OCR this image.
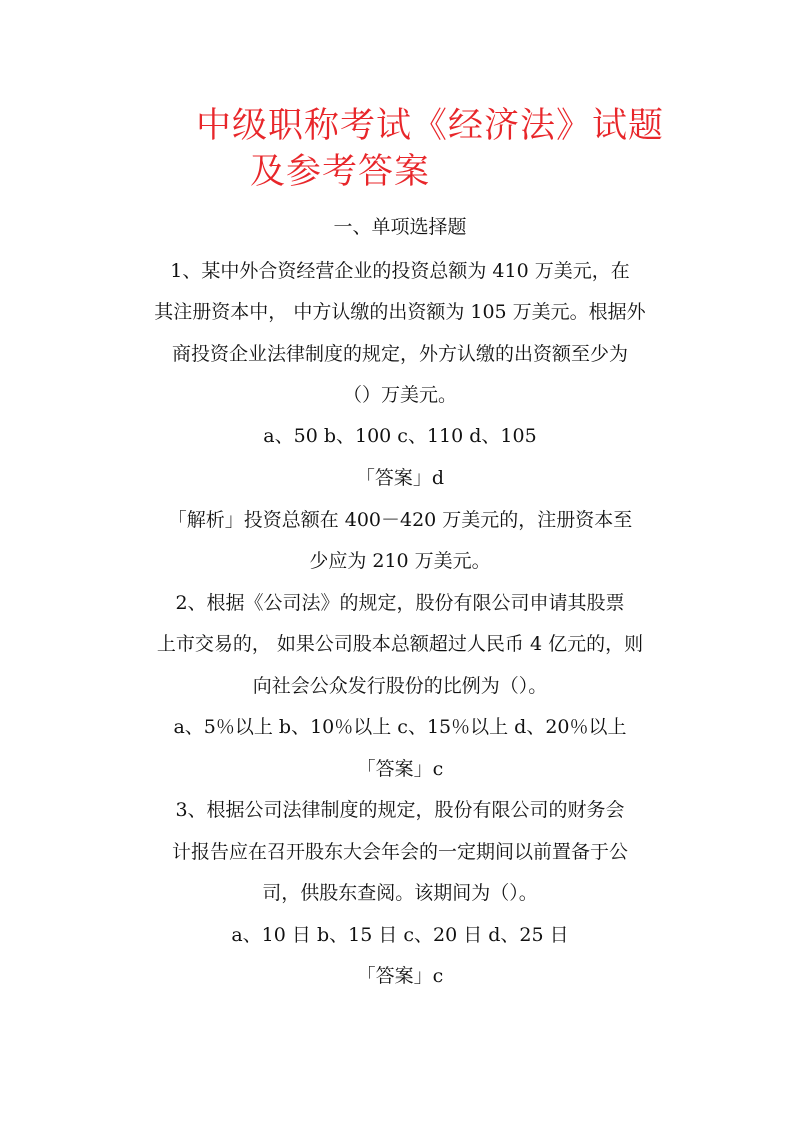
中级职称考试《经济法》试题
及参考答案
一、单项选择题
1、某中外合资经营企业的投资总额为 410 万美元，在
其注册资本中， 中方认缴的出资额为 105 万美元。根据外
商投资企业法律制度的规定，外方认缴的出资额至少为
（）万美元。
a、50 b、100 c、110 d、105
「答案」d
「解析」投资总额在 400－420 万美元的，注册资本至
少应为 210 万美元。
2、根据《公司法》的规定，股份有限公司申请其股票
上市交易的， 如果公司股本总额超过人民币 4 亿元的，则
向社会公众发行股份的比例为（）。
a、5％以上 b、10％以上 c、15％以上 d、20％以上
「答案」c
3、根据公司法律制度的规定，股份有限公司的财务会
计报告应在召开股东大会年会的一定期间以前置备于公
司，供股东查阅。该期间为（）。
a、10 日 b、15 日 c、20 日 d、25 日
「答案」c
